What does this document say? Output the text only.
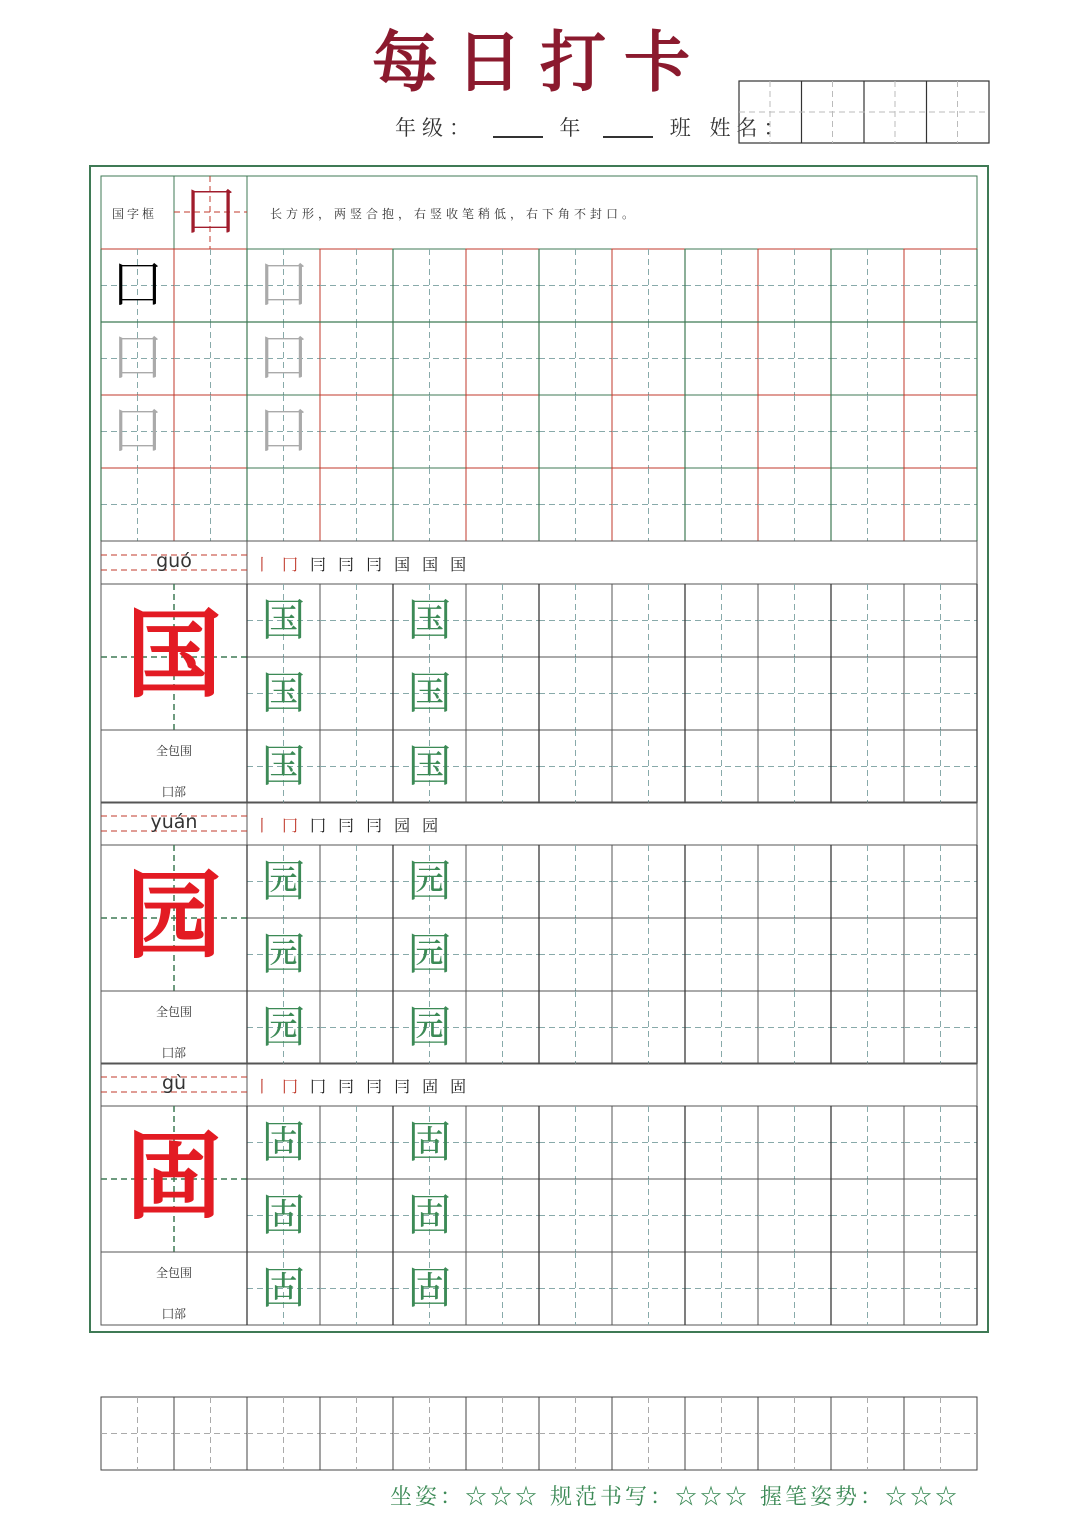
每日打卡
年级：	年	班 姓名：
国字框 囗	长方形，两竖合抱，右竖收笔稍低，右下角不封口。
囗 囗
囗 囗
囗 囗
guó	丨冂冃冃冃国国国
国
全包围
囗部
国	国
国	国
国	国
yuán	丨冂冂冃冃园园
园
全包围
囗部
园	园
园	园
园	园
gù	丨冂冂冃冃冃固固
固
全包围
囗部
固	固
固	固
固	固
坐姿：☆☆☆ 规范书写：☆☆☆ 握笔姿势：☆☆☆
